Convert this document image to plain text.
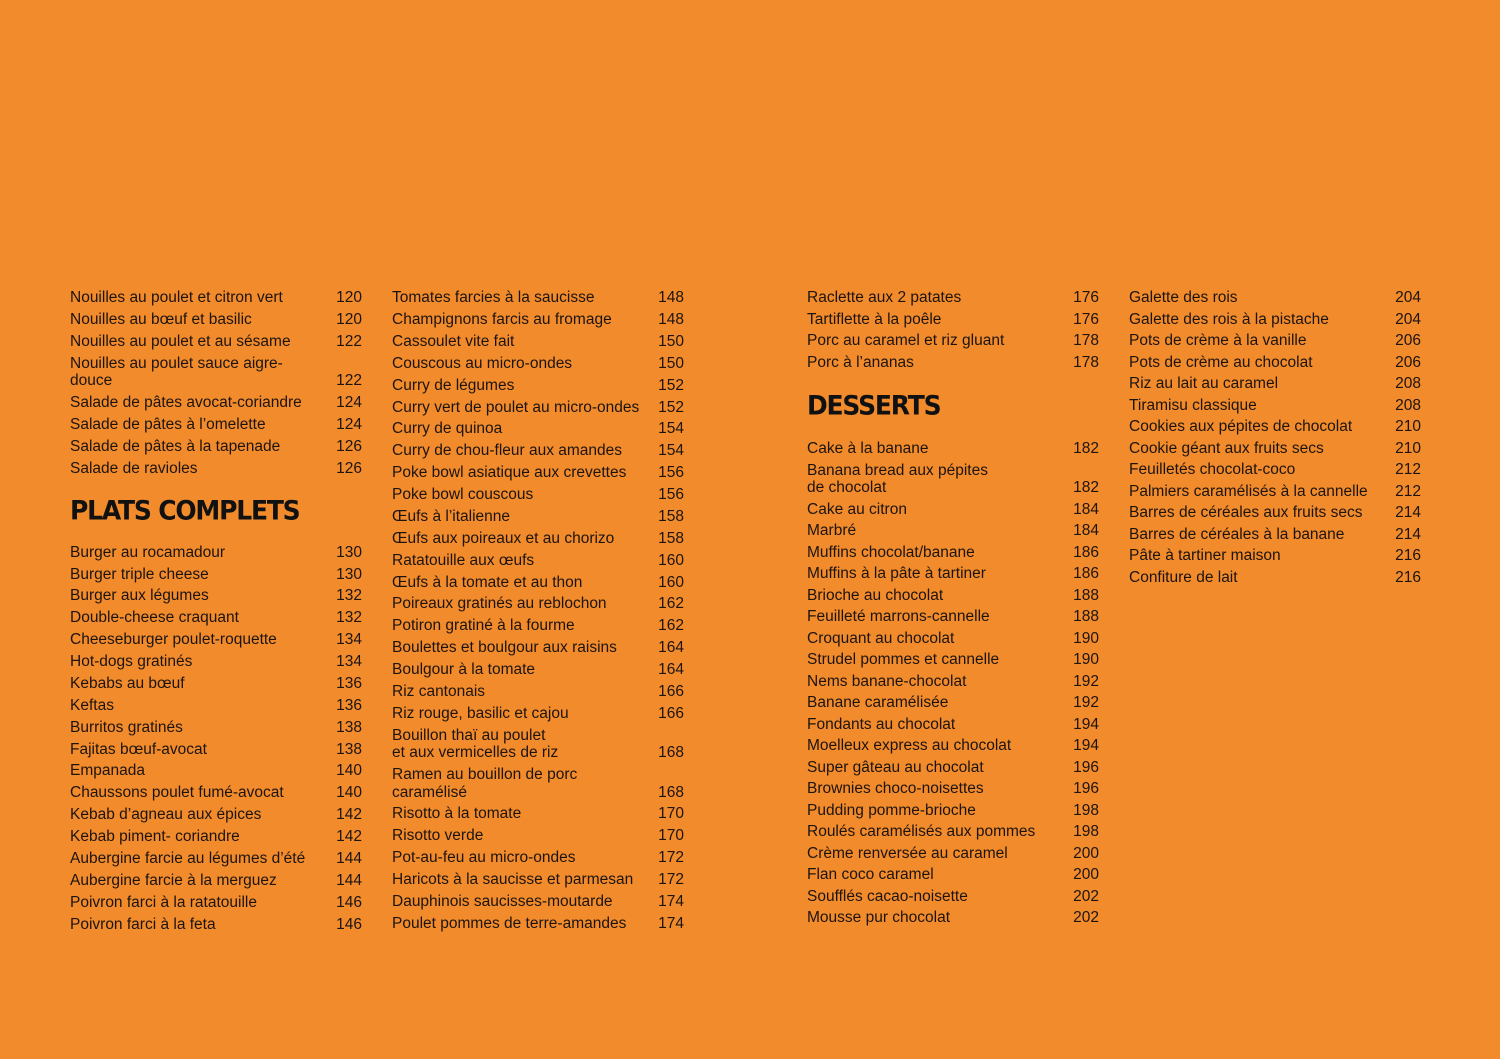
Nouilles au poulet et citron vert	120
Nouilles au bœuf et basilic	120
Nouilles au poulet et au sésame	122
Nouilles au poulet sauce aigre-douce	122
Salade de pâtes avocat-coriandre	124
Salade de pâtes à l’omelette	124
Salade de pâtes à la tapenade	126
Salade de ravioles	126
PLATS COMPLETS
Burger au rocamadour	130
Burger triple cheese	130
Burger aux légumes	132
Double-cheese craquant	132
Cheeseburger poulet-roquette	134
Hot-dogs gratinés	134
Kebabs au bœuf	136
Keftas	136
Burritos gratinés	138
Fajitas bœuf-avocat	138
Empanada	140
Chaussons poulet fumé-avocat	140
Kebab d’agneau aux épices	142
Kebab piment- coriandre	142
Aubergine farcie au légumes d’été	144
Aubergine farcie à la merguez	144
Poivron farci à la ratatouille	146
Poivron farci à la feta	146
Tomates farcies à la saucisse	148
Champignons farcis au fromage	148
Cassoulet vite fait	150
Couscous au micro-ondes	150
Curry de légumes	152
Curry vert de poulet au micro-ondes	152
Curry de quinoa	154
Curry de chou-fleur aux amandes	154
Poke bowl asiatique aux crevettes	156
Poke bowl couscous	156
Œufs à l’italienne	158
Œufs aux poireaux et au chorizo	158
Ratatouille aux œufs	160
Œufs à la tomate et au thon	160
Poireaux gratinés au reblochon	162
Potiron gratiné à la fourme	162
Boulettes et boulgour aux raisins	164
Boulgour à la tomate	164
Riz cantonais	166
Riz rouge, basilic et cajou	166
Bouillon thaï au poulet
et aux vermicelles de riz	168
Ramen au bouillon de porc
caramélisé	168
Risotto à la tomate	170
Risotto verde	170
Pot-au-feu au micro-ondes	172
Haricots à la saucisse et parmesan	172
Dauphinois saucisses-moutarde	174
Poulet pommes de terre-amandes	174
Raclette aux 2 patates	176
Tartiflette à la poêle	176
Porc au caramel et riz gluant	178
Porc à l’ananas	178
DESSERTS
Cake à la banane	182
Banana bread aux pépites
de chocolat	182
Cake au citron	184
Marbré	184
Muffins chocolat/banane	186
Muffins à la pâte à tartiner	186
Brioche au chocolat	188
Feuilleté marrons-cannelle	188
Croquant au chocolat	190
Strudel pommes et cannelle	190
Nems banane-chocolat	192
Banane caramélisée	192
Fondants au chocolat	194
Moelleux express au chocolat	194
Super gâteau au chocolat	196
Brownies choco-noisettes	196
Pudding pomme-brioche	198
Roulés caramélisés aux pommes	198
Crème renversée au caramel	200
Flan coco caramel	200
Soufflés cacao-noisette	202
Mousse pur chocolat	202
Galette des rois	204
Galette des rois à la pistache	204
Pots de crème à la vanille	206
Pots de crème au chocolat	206
Riz au lait au caramel	208
Tiramisu classique	208
Cookies aux pépites de chocolat	210
Cookie géant aux fruits secs	210
Feuilletés chocolat-coco	212
Palmiers caramélisés à la cannelle	212
Barres de céréales aux fruits secs	214
Barres de céréales à la banane	214
Pâte à tartiner maison	216
Confiture de lait	216
